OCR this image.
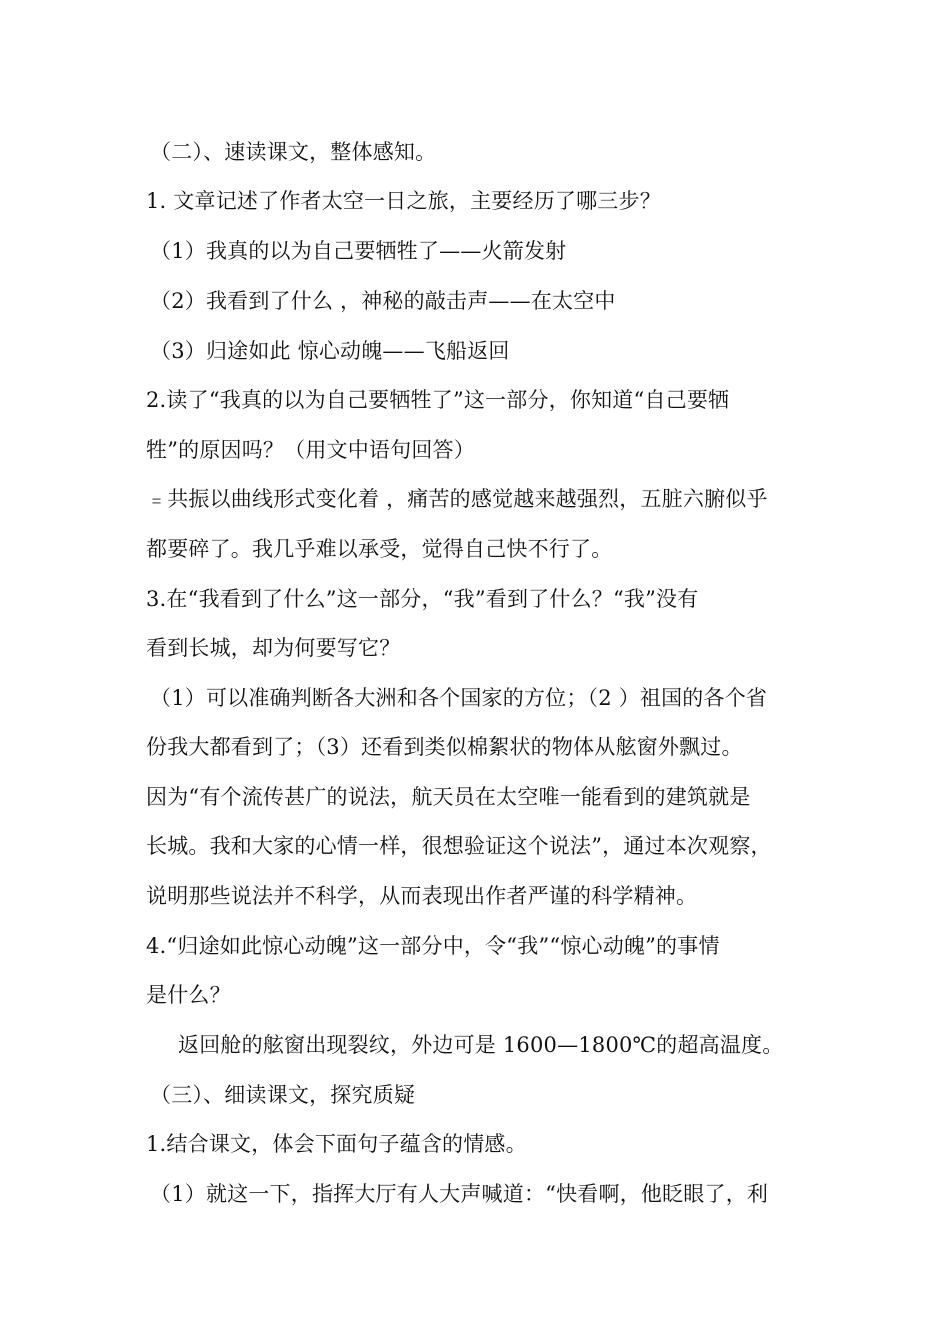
（二）、速读课文，整体感知。
1. 文章记述了作者太空一日之旅，主要经历了哪三步？
（1）我真的以为自己要牺牲了——火箭发射
（2）我看到了什么 ，神秘的敲击声——在太空中
（3）归途如此 惊心动魄——飞船返回
2.读了“我真的以为自己要牺牲了”这一部分，你知道“自己要牺
牲”的原因吗？（用文中语句回答）
﹦共振以曲线形式变化着 ，痛苦的感觉越来越强烈，五脏六腑似乎
都要碎了。我几乎难以承受，觉得自己快不行了。
3.在“我看到了什么”这一部分，“我”看到了什么？“我”没有
看到长城，却为何要写它？
（1）可以准确判断各大洲和各个国家的方位；（2 ）祖国的各个省
份我大都看到了；（3）还看到类似棉絮状的物体从舷窗外飘过。
因为“有个流传甚广的说法，航天员在太空唯一能看到的建筑就是
长城。我和大家的心情一样，很想验证这个说法”，通过本次观察，
说明那些说法并不科学，从而表现出作者严谨的科学精神。
4.“归途如此惊心动魄”这一部分中，令“我”“惊心动魄”的事情
是什么？
返回舱的舷窗出现裂纹，外边可是 1600—1800℃的超高温度。
（三）、细读课文，探究质疑
1.结合课文，体会下面句子蕴含的情感。
（1）就这一下，指挥大厅有人大声喊道：“快看啊，他眨眼了，利
